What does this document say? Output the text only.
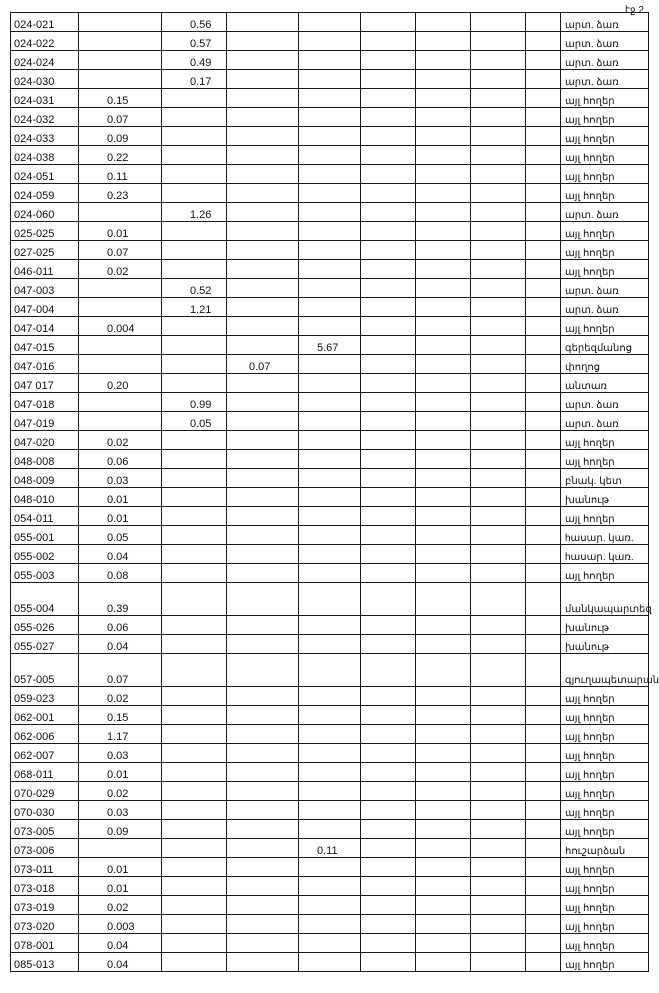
էջ 2
024-021		0.56							արտ. ձառ
024-022		0.57							արտ. ձառ
024-024		0.49							արտ. ձառ
024-030		0.17							արտ. ձառ
024-031	0.15								այլ հողեր
024-032	0.07								այլ հողեր
024-033	0.09								այլ հողեր
024-038	0.22								այլ հողեր
024-051	0.11								այլ հողեր
024-059	0.23								այլ հողեր
024-060		1.26							արտ. ձառ
025-025	0.01								այլ հողեր
027-025	0.07								այլ հողեր
046-011	0.02								այլ հողեր
047-003		0.52							արտ. ձառ
047-004		1.21							արտ. ձառ
047-014	0.004								այլ հողեր
047-015				5.67					գերեզմանոց
047-016			0.07						փողոց
047 017	0.20								անտառ
047-018		0.99							արտ. ձառ
047-019		0.05							արտ. ձառ
047-020	0.02								այլ հողեր
048-008	0.06								այլ հողեր
048-009	0.03								բնակ. կետ
048-010	0.01								խանութ
054-011	0.01								այլ հողեր
055-001	0.05								hասար. կառ.
055-002	0.04								hասար. կառ.
055-003	0.08								այլ հողեր
055-004	0.39								մանկապարտեզ
055-026	0.06								խանութ
055-027	0.04								խանութ
057-005	0.07								գյուղապետարան
059-023	0.02								այլ հողեր
062-001	0.15								այլ հողեր
062-006	1.17								այլ հողեր
062-007	0.03								այլ հողեր
068-011	0.01								այլ հողեր
070-029	0.02								այլ հողեր
070-030	0.03								այլ հողեր
073-005	0.09								այլ հողեր
073-006				0.11					հուշարձան
073-011	0.01								այլ հողեր
073-018	0.01								այլ հողեր
073-019	0.02								այլ հողեր
073-020	0.003								այլ հողեր
078-001	0.04								այլ հողեր
085-013	0.04								այլ հողեր
